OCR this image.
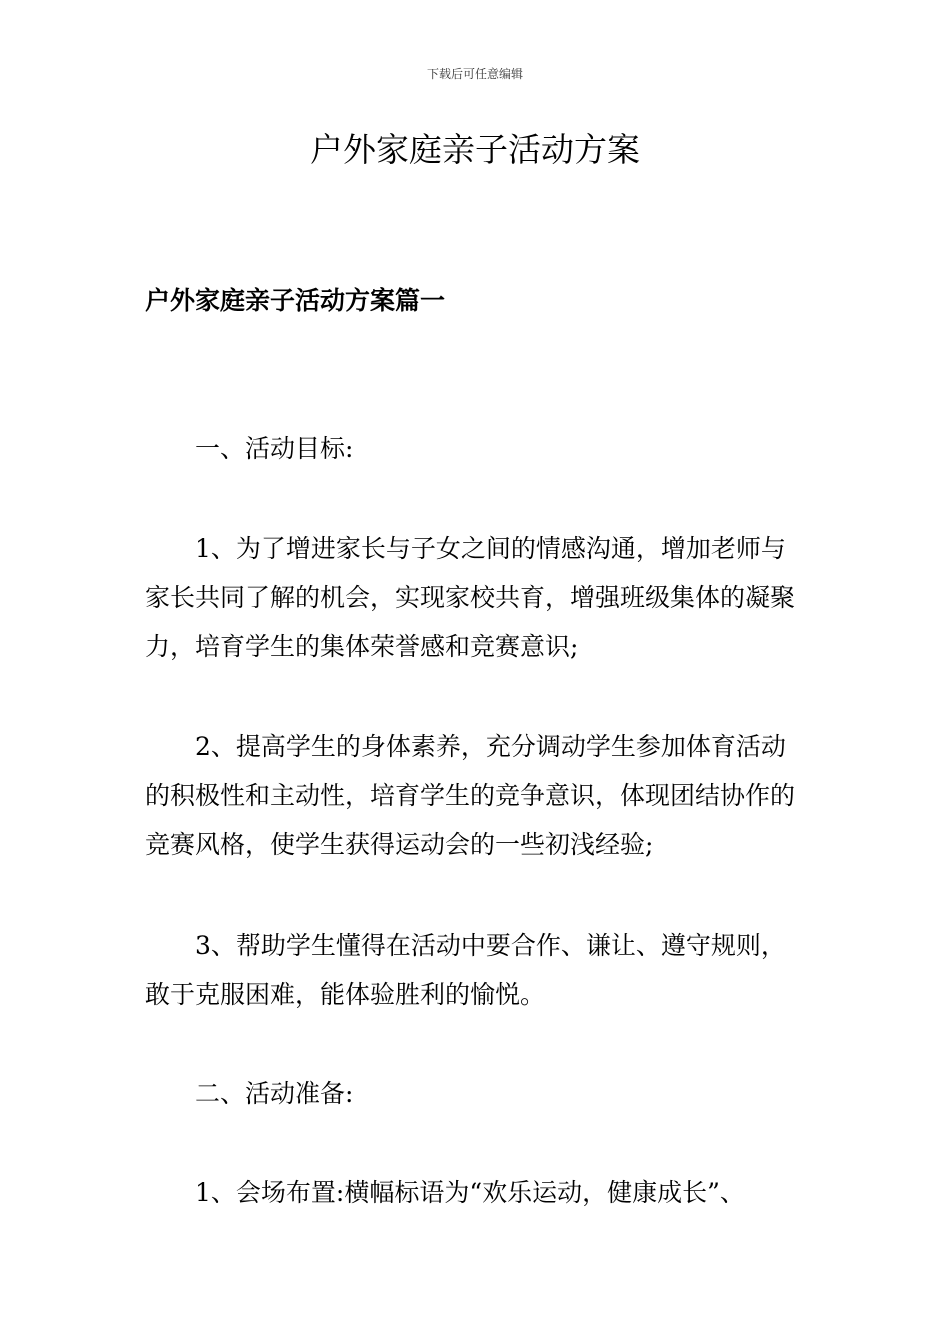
下载后可任意编辑
户外家庭亲子活动方案
户外家庭亲子活动方案篇一

一、活动目标:

1、为了增进家长与子女之间的情感沟通，增加老师与家长共同了解的机会，实现家校共育，增强班级集体的凝聚力，培育学生的集体荣誉感和竞赛意识;

2、提高学生的身体素养，充分调动学生参加体育活动的积极性和主动性，培育学生的竞争意识，体现团结协作的竞赛风格，使学生获得运动会的一些初浅经验;

3、帮助学生懂得在活动中要合作、谦让、遵守规则，敢于克服困难，能体验胜利的愉悦。

二、活动准备:

1、会场布置:横幅标语为“欢乐运动，健康成长”、
